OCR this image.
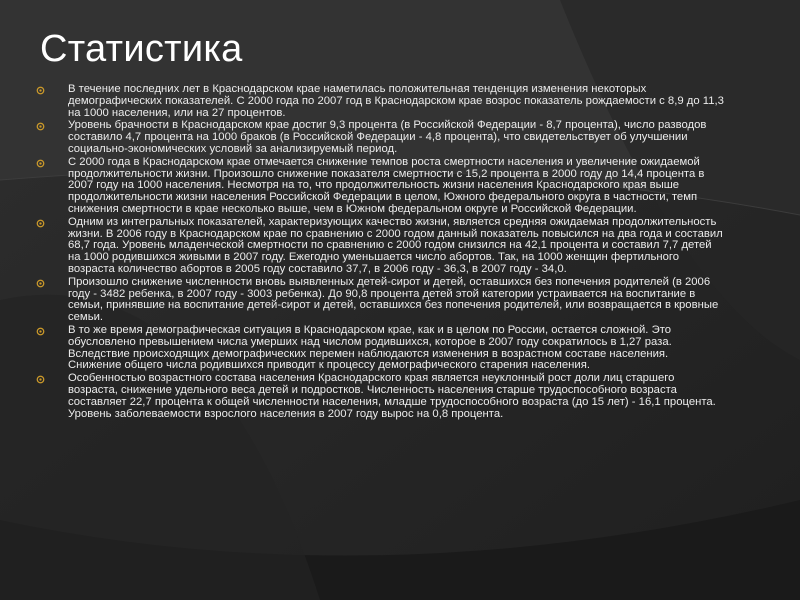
Статистика
В течение последних лет в Краснодарском крае наметилась положительная тенденция изменения некоторых демографических показателей. С 2000 года по 2007 год в Краснодарском крае возрос показатель рождаемости с 8,9 до 11,3 на 1000 населения, или на 27 процентов.
Уровень брачности в Краснодарском крае достиг 9,3 процента (в Российской Федерации - 8,7 процента), число разводов составило 4,7 процента на 1000 браков (в Российской Федерации - 4,8 процента), что свидетельствует об улучшении социально-экономических условий за анализируемый период.
С 2000 года в Краснодарском крае отмечается снижение темпов роста смертности населения и увеличение ожидаемой продолжительности жизни. Произошло снижение показателя смертности с 15,2 процента в 2000 году до 14,4 процента в 2007 году на 1000 населения. Несмотря на то, что продолжительность жизни населения Краснодарского края выше продолжительности жизни населения Российской Федерации в целом, Южного федерального округа в частности, темп снижения смертности в крае несколько выше, чем в Южном федеральном округе и Российской Федерации.
Одним из интегральных показателей, характеризующих качество жизни, является средняя ожидаемая продолжительность жизни. В 2006 году в Краснодарском крае по сравнению с 2000 годом данный показатель повысился на два года и составил 68,7 года. Уровень младенческой смертности по сравнению с 2000 годом снизился на 42,1 процента и составил 7,7 детей на 1000 родившихся живыми в 2007 году. Ежегодно уменьшается число абортов. Так, на 1000 женщин фертильного возраста количество абортов в 2005 году составило 37,7, в 2006 году - 36,3, в 2007 году - 34,0.
Произошло снижение численности вновь выявленных детей-сирот и детей, оставшихся без попечения родителей (в 2006 году - 3482 ребенка, в 2007 году - 3003 ребенка). До 90,8 процента детей этой категории устраивается на воспитание в семьи, принявшие на воспитание детей-сирот и детей, оставшихся без попечения родителей, или возвращается в кровные семьи.
В то же время демографическая ситуация в Краснодарском крае, как и в целом по России, остается сложной. Это обусловлено превышением числа умерших над числом родившихся, которое в 2007 году сократилось в 1,27 раза. Вследствие происходящих демографических перемен наблюдаются изменения в возрастном составе населения. Снижение общего числа родившихся приводит к процессу демографического старения населения.
Особенностью возрастного состава населения Краснодарского края является неуклонный рост доли лиц старшего возраста, снижение удельного веса детей и подростков. Численность населения старше трудоспособного возраста составляет 22,7 процента к общей численности населения, младше трудоспособного возраста (до 15 лет) - 16,1 процента. Уровень заболеваемости взрослого населения в 2007 году вырос на 0,8 процента.
